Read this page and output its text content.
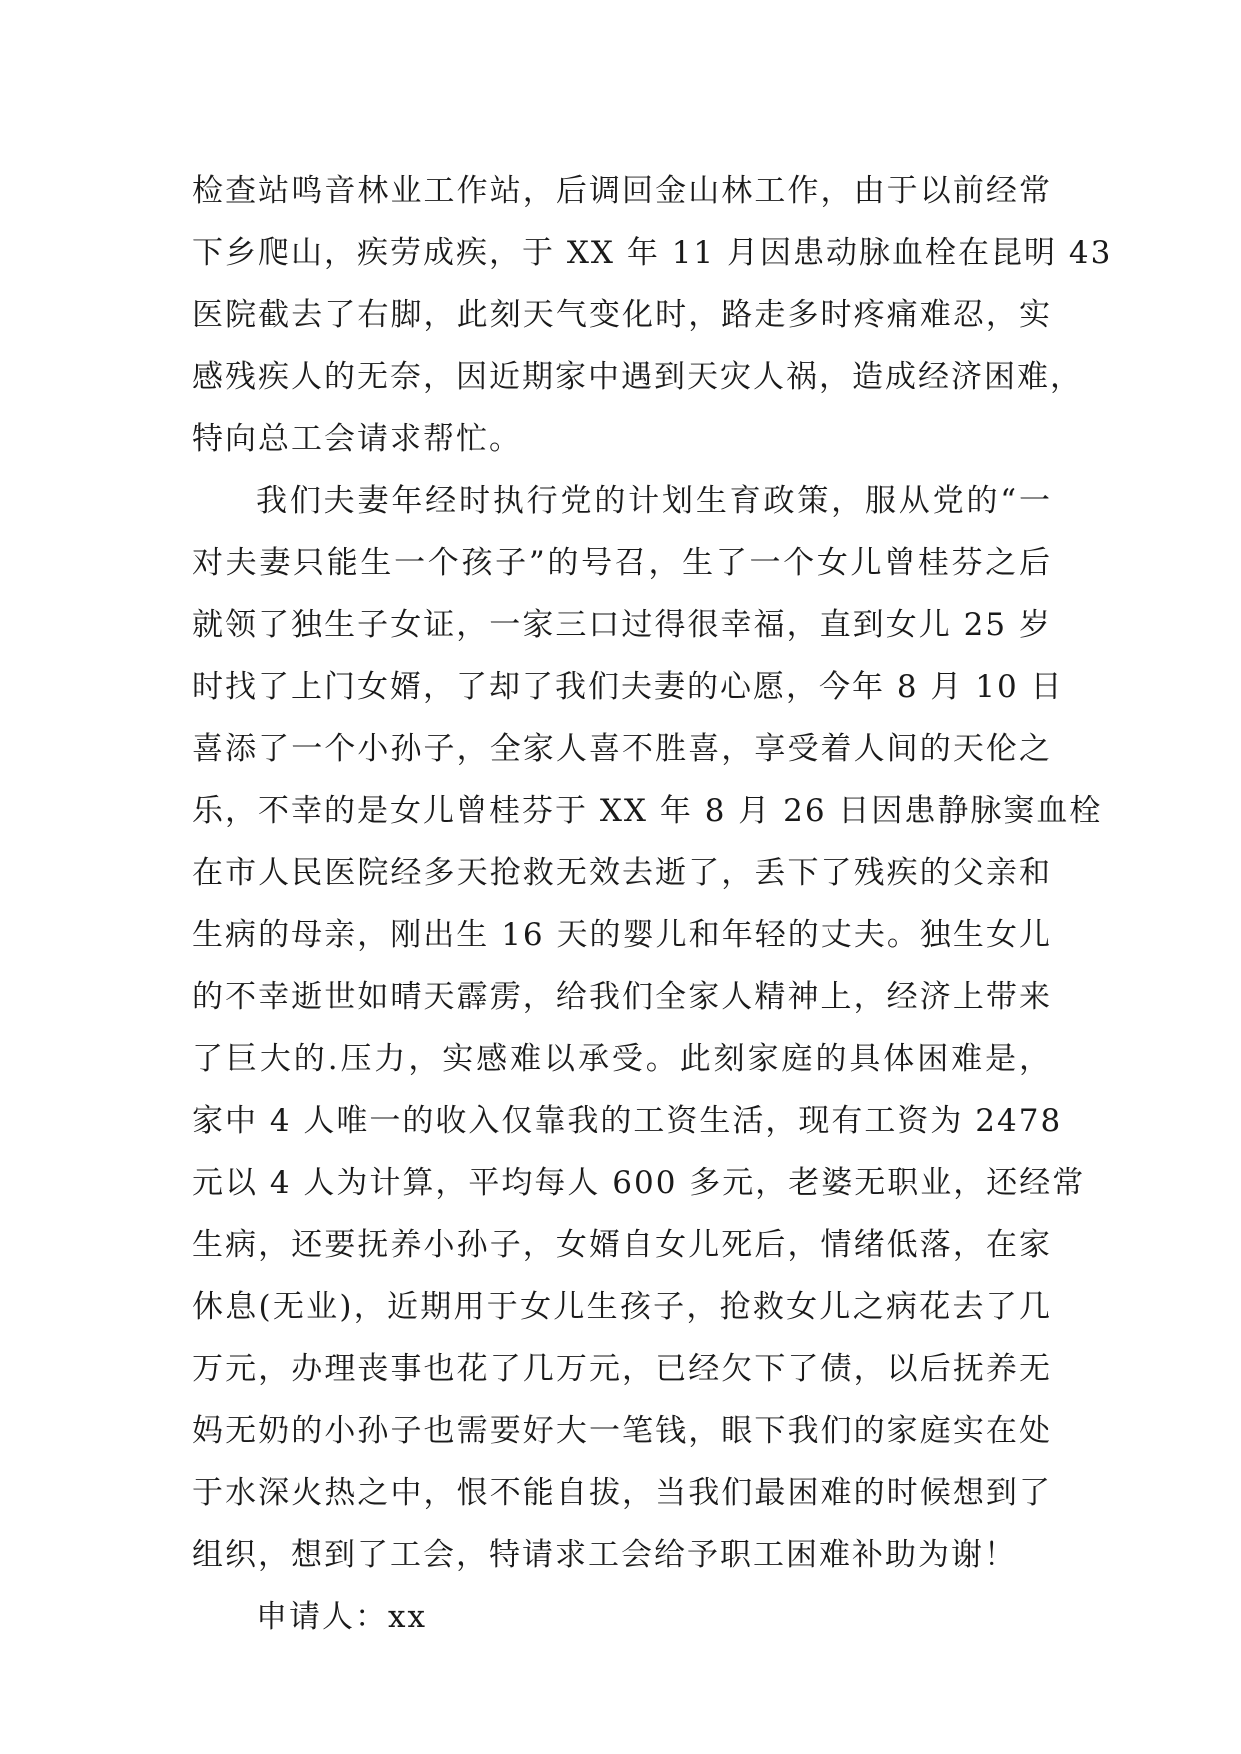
检查站鸣音林业工作站，后调回金山林工作，由于以前经常
下乡爬山，疾劳成疾，于 XX 年 11 月因患动脉血栓在昆明 43
医院截去了右脚，此刻天气变化时，路走多时疼痛难忍，实
感残疾人的无奈，因近期家中遇到天灾人祸，造成经济困难，
特向总工会请求帮忙。
我们夫妻年经时执行党的计划生育政策，服从党的“一
对夫妻只能生一个孩子”的号召，生了一个女儿曾桂芬之后
就领了独生子女证，一家三口过得很幸福，直到女儿 25 岁
时找了上门女婿，了却了我们夫妻的心愿，今年 8 月 10 日
喜添了一个小孙子，全家人喜不胜喜，享受着人间的天伦之
乐，不幸的是女儿曾桂芬于 XX 年 8 月 26 日因患静脉窦血栓
在市人民医院经多天抢救无效去逝了，丢下了残疾的父亲和
生病的母亲，刚出生 16 天的婴儿和年轻的丈夫。独生女儿
的不幸逝世如晴天霹雳，给我们全家人精神上，经济上带来
了巨大的.压力，实感难以承受。此刻家庭的具体困难是，
家中 4 人唯一的收入仅靠我的工资生活，现有工资为 2478
元以 4 人为计算，平均每人 600 多元，老婆无职业，还经常
生病，还要抚养小孙子，女婿自女儿死后，情绪低落，在家
休息(无业)，近期用于女儿生孩子，抢救女儿之病花去了几
万元，办理丧事也花了几万元，已经欠下了债，以后抚养无
妈无奶的小孙子也需要好大一笔钱，眼下我们的家庭实在处
于水深火热之中，恨不能自拔，当我们最困难的时候想到了
组织，想到了工会，特请求工会给予职工困难补助为谢！
申请人：xx
